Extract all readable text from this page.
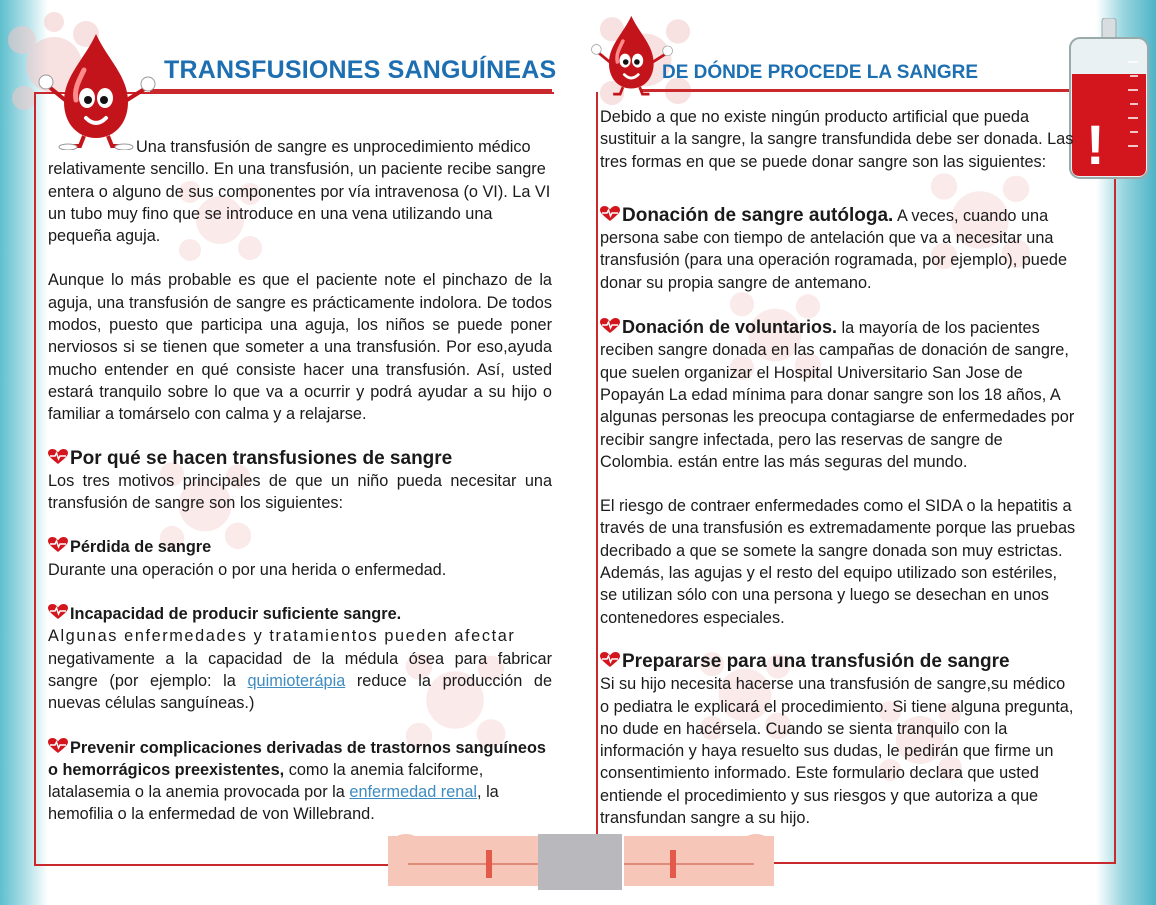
!
TRANSFUSIONES SANGUÍNEAS	DE DÓNDE PROCEDE LA SANGRE

Una transfusión de sangre es unprocedimiento médico relativamente sencillo. En una transfusión, un paciente recibe sangre entera o alguno de sus componentes por vía intravenosa (o VI). La VI un tubo muy fino que se introduce en una vena utilizando una pequeña aguja.

Aunque lo más probable es que el paciente note el pinchazo de la aguja, una transfusión de sangre es prácticamente indolora. De todos modos, puesto que participa una aguja, los niños se puede poner nerviosos si se tienen que someter a una transfusión. Por eso,ayuda mucho entender en qué consiste hacer una transfusión. Así, usted estará tranquilo sobre lo que va a ocurrir y podrá ayudar a su hijo o familiar a tomárselo con calma y a relajarse.

Por qué se hacen transfusiones de sangre

Los tres motivos principales de que un niño pueda necesitar una transfusión de sangre son los siguientes:

Pérdida de sangre

Durante una operación o por una herida o enfermedad.

Incapacidad de producir suficiente sangre.

Algunas enfermedades y tratamientos pueden afectar

negativamente a la capacidad de la médula ósea para fabricar sangre (por ejemplo: la quimioterápia reduce la producción de nuevas células sanguíneas.)

Prevenir complicaciones derivadas de trastornos sanguíneos o hemorrágicos preexistentes, como la anemia falciforme, latalasemia o la anemia provocada por la enfermedad renal, la hemofilia o la enfermedad de von Willebrand.

Debido a que no existe ningún producto artificial que pueda sustituir a la sangre, la sangre transfundida debe ser donada. Las tres formas en que se puede donar sangre son las siguientes:

Donación de sangre autóloga. A veces, cuando una persona sabe con tiempo de antelación que va a necesitar una transfusión (para una operación rogramada, por ejemplo), puede donar su propia sangre de antemano.

Donación de voluntarios. la mayoría de los pacientes reciben sangre donada en las campañas de donación de sangre, que suelen organizar el Hospital Universitario San Jose de Popayán La edad mínima para donar sangre son los 18 años, A algunas personas les preocupa contagiarse de enfermedades por recibir sangre infectada, pero las reservas de sangre de Colombia. están entre las más seguras del mundo.

El riesgo de contraer enfermedades como el SIDA o la hepatitis a través de una transfusión es extremadamente porque las pruebas decribado a que se somete la sangre donada son muy estrictas. Además, las agujas y el resto del equipo utilizado son estériles, se utilizan sólo con una persona y luego se desechan en unos contenedores especiales.

Prepararse para una transfusión de sangre

Si su hijo necesita hacerse una transfusión de sangre,su médico o pediatra le explicará el procedimiento. Si tiene alguna pregunta, no dude en hacérsela. Cuando se sienta tranquilo con la información y haya resuelto sus dudas, le pedirán que firme un consentimiento informado. Este formulario declara que usted entiende el procedimiento y sus riesgos y que autoriza a que transfundan sangre a su hijo.
